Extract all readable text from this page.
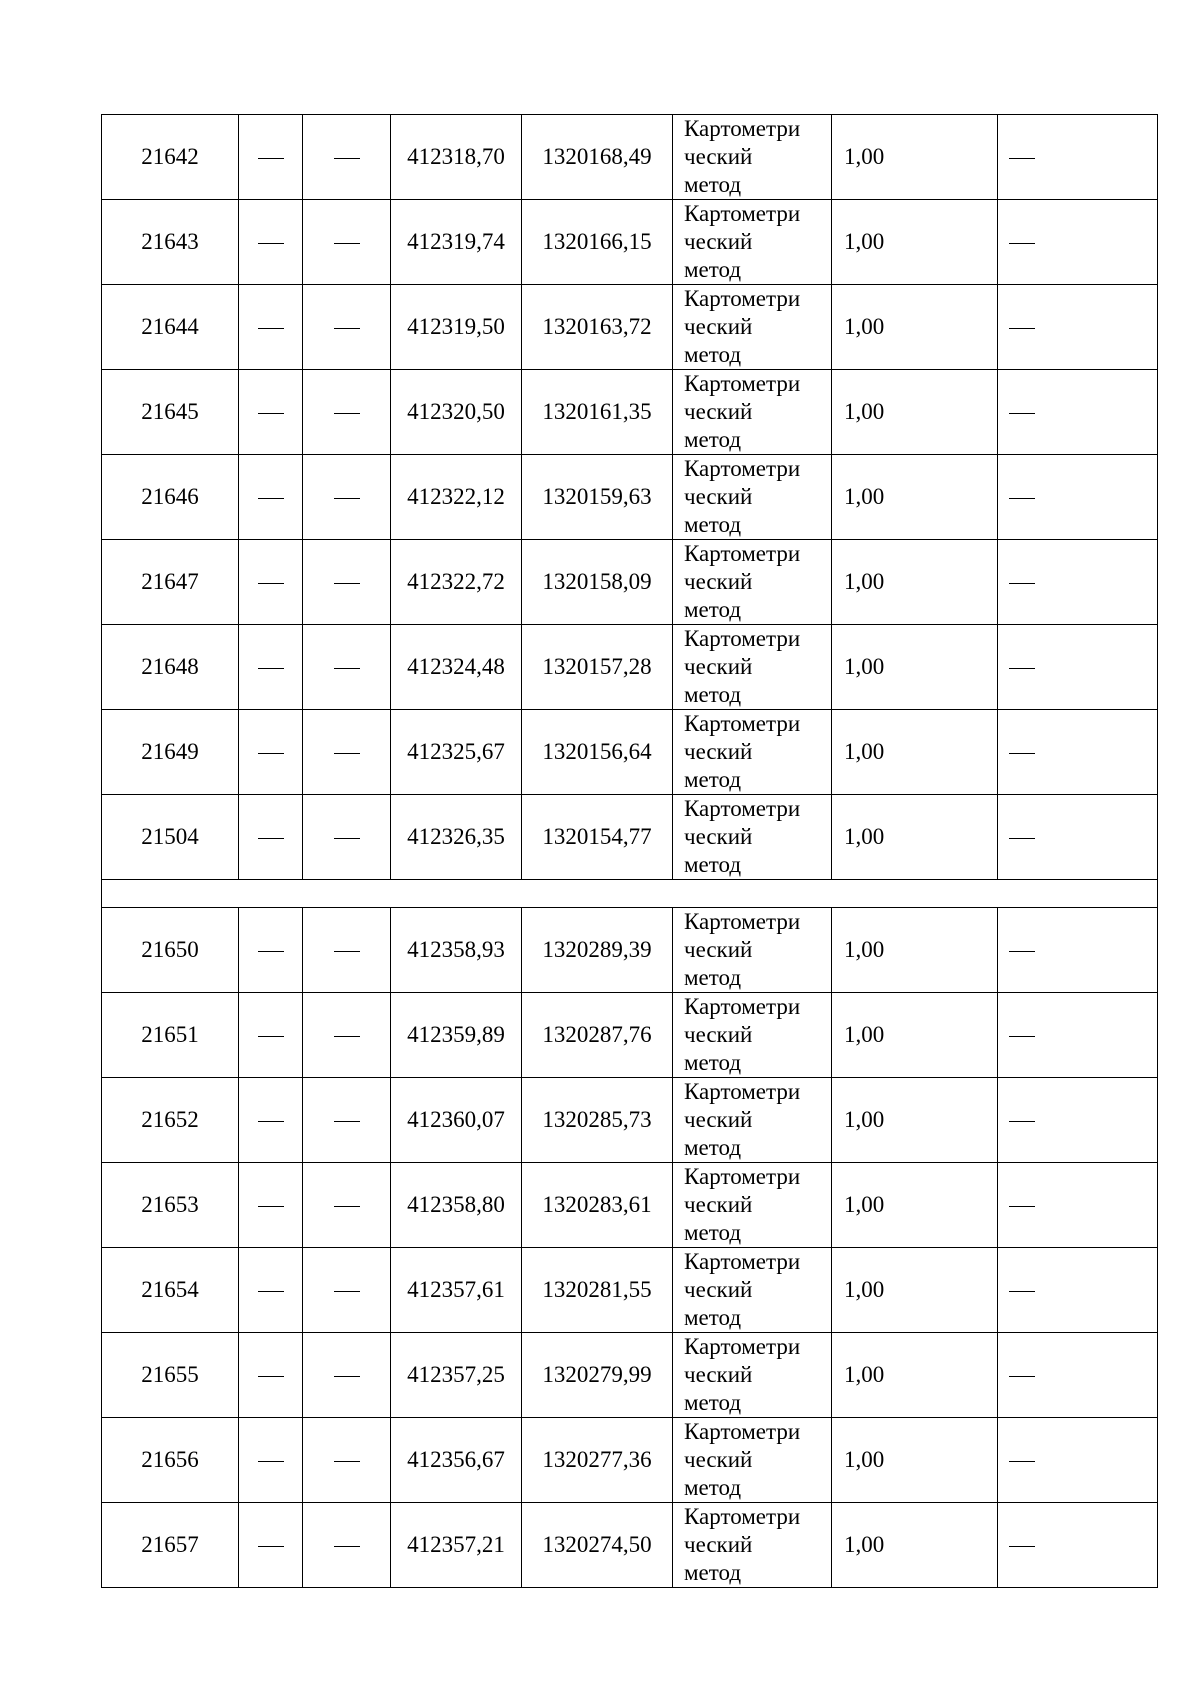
21642			412318,70	1320168,49	Картометри
ческий
метод	1,00	
21643			412319,74	1320166,15	Картометри
ческий
метод	1,00	
21644			412319,50	1320163,72	Картометри
ческий
метод	1,00	
21645			412320,50	1320161,35	Картометри
ческий
метод	1,00	
21646			412322,12	1320159,63	Картометри
ческий
метод	1,00	
21647			412322,72	1320158,09	Картометри
ческий
метод	1,00	
21648			412324,48	1320157,28	Картометри
ческий
метод	1,00	
21649			412325,67	1320156,64	Картометри
ческий
метод	1,00	
21504			412326,35	1320154,77	Картометри
ческий
метод	1,00	

21650			412358,93	1320289,39	Картометри
ческий
метод	1,00	
21651			412359,89	1320287,76	Картометри
ческий
метод	1,00	
21652			412360,07	1320285,73	Картометри
ческий
метод	1,00	
21653			412358,80	1320283,61	Картометри
ческий
метод	1,00	
21654			412357,61	1320281,55	Картометри
ческий
метод	1,00	
21655			412357,25	1320279,99	Картометри
ческий
метод	1,00	
21656			412356,67	1320277,36	Картометри
ческий
метод	1,00	
21657			412357,21	1320274,50	Картометри
ческий
метод	1,00	
